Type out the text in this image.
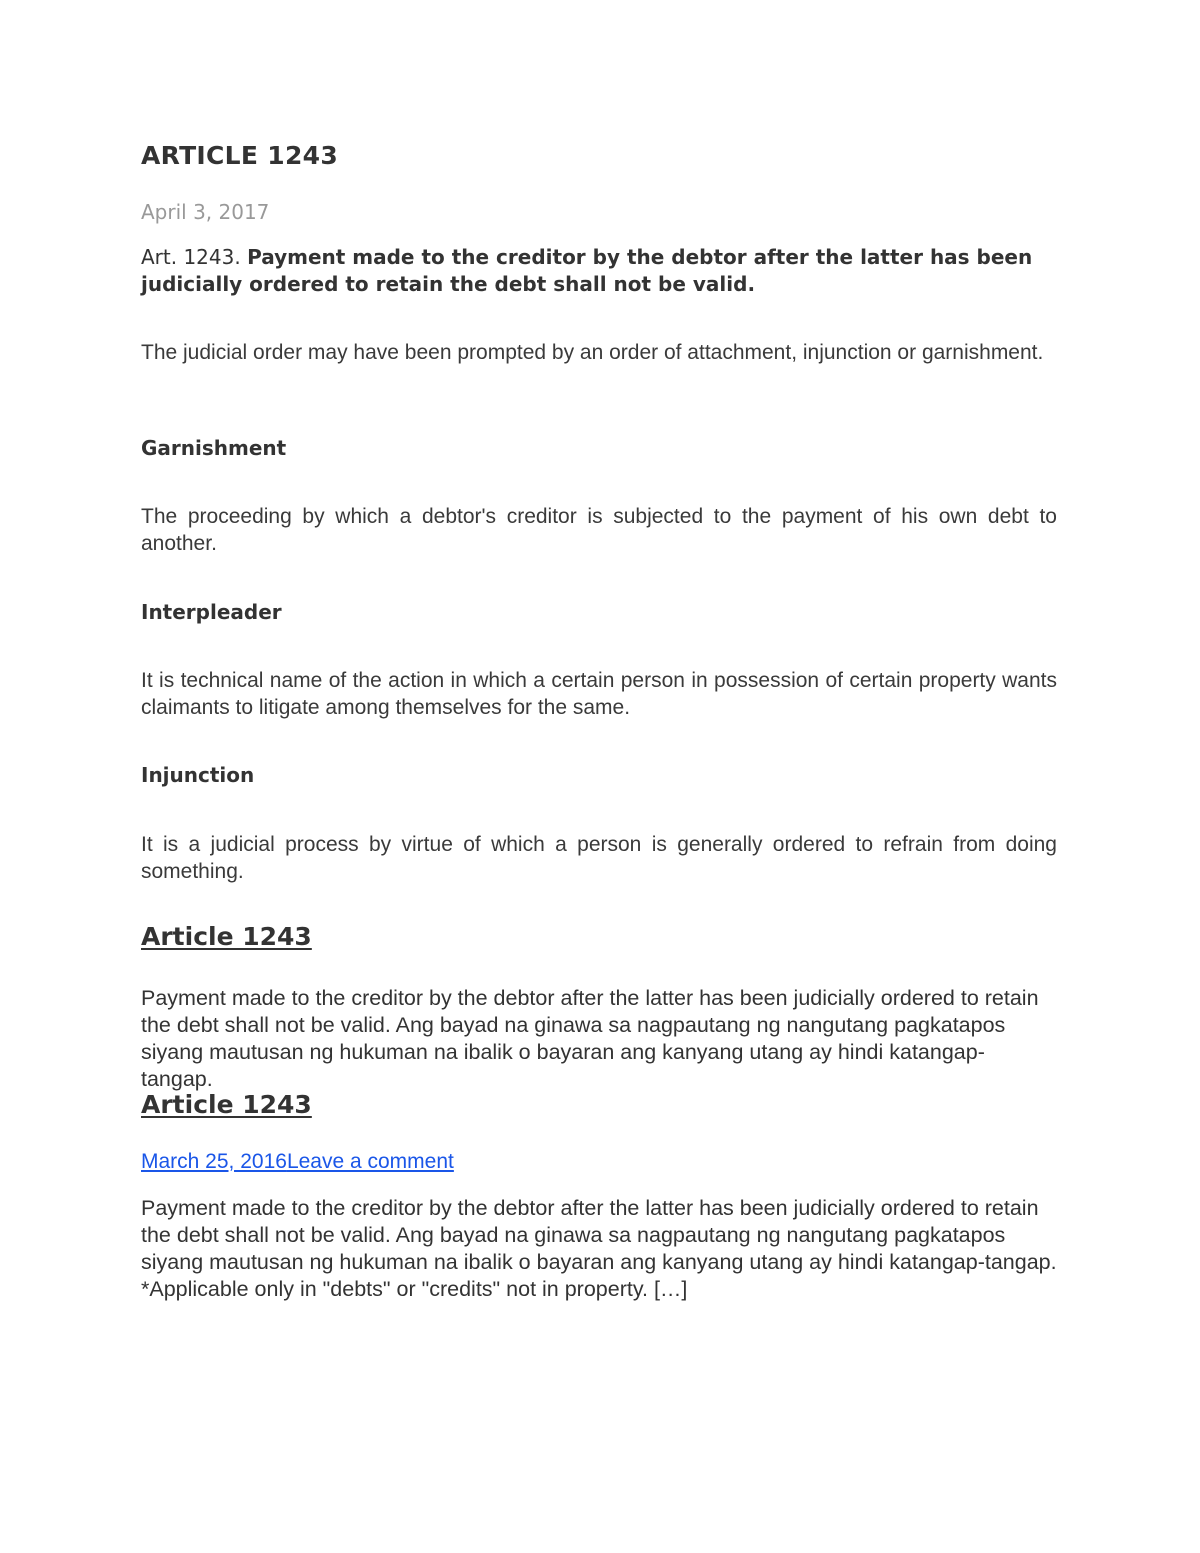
ARTICLE 1243
April 3, 2017
Art. 1243. Payment made to the creditor by the debtor after the latter has been judicially ordered to retain the debt shall not be valid.
The judicial order may have been prompted by an order of attachment, injunction or garnishment.
Garnishment
The proceeding by which a debtor's creditor is subjected to the payment of his own debt to another.
Interpleader
It is technical name of the action in which a certain person in possession of certain property wants claimants to litigate among themselves for the same.
Injunction
It is a judicial process by virtue of which a person is generally ordered to refrain from doing something.
Article 1243
Payment made to the creditor by the debtor after the latter has been judicially ordered to retain the debt shall not be valid. Ang bayad na ginawa sa nagpautang ng nangutang pagkatapos siyang mautusan ng hukuman na ibalik o bayaran ang kanyang utang ay hindi katangap-tangap.
Article 1243
March 25, 2016Leave a comment
Payment made to the creditor by the debtor after the latter has been judicially ordered to retain the debt shall not be valid. Ang bayad na ginawa sa nagpautang ng nangutang pagkatapos siyang mautusan ng hukuman na ibalik o bayaran ang kanyang utang ay hindi katangap-tangap. *Applicable only in "debts" or "credits" not in property. […]
